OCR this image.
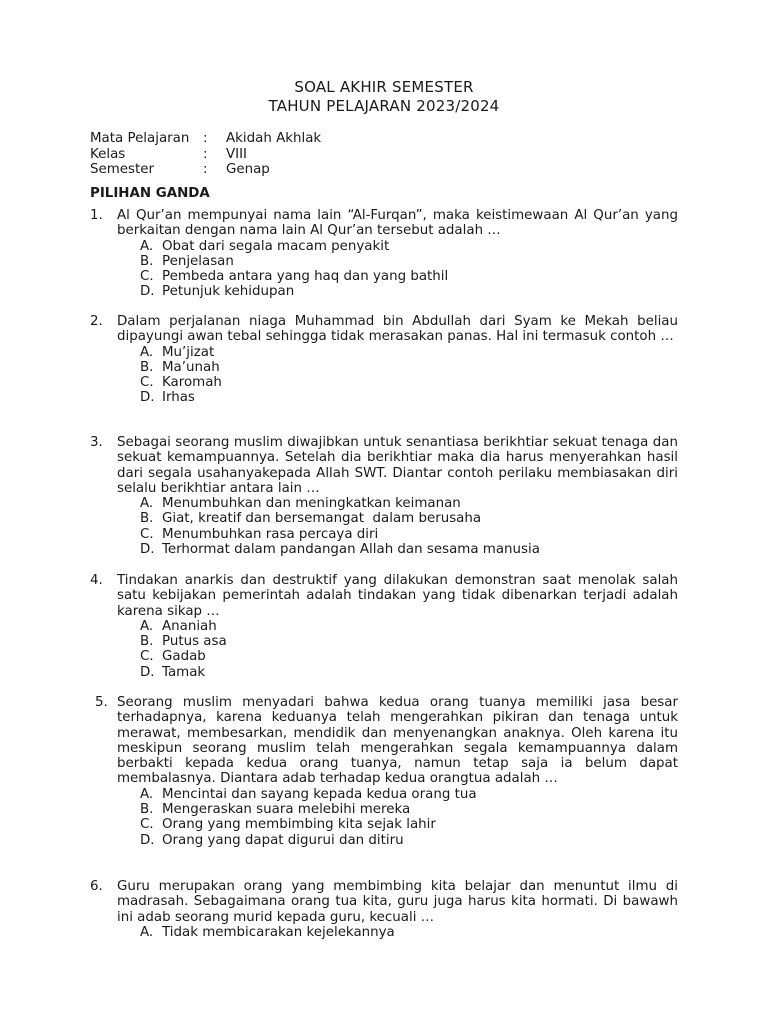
SOAL AKHIR SEMESTER
TAHUN PELAJARAN 2023/2024
Mata Pelajaran	:	Akidah Akhlak
Kelas	:	VIII
Semester	:	Genap
PILIHAN GANDA
1.	Al Qur’an mempunyai nama lain “Al-Furqan”, maka keistimewaan Al Qur’an yang berkaitan dengan nama lain Al Qur’an tersebut adalah …
A. Obat dari segala macam penyakit
B. Penjelasan
C. Pembeda antara yang haq dan yang bathil
D. Petunjuk kehidupan
2.	Dalam perjalanan niaga Muhammad bin Abdullah dari Syam ke Mekah beliau dipayungi awan tebal sehingga tidak merasakan panas. Hal ini termasuk contoh …
A. Mu’jizat
B. Ma’unah
C. Karomah
D. Irhas
3.	Sebagai seorang muslim diwajibkan untuk senantiasa berikhtiar sekuat tenaga dan sekuat kemampuannya. Setelah dia berikhtiar maka dia harus menyerahkan hasil dari segala usahanyakepada Allah SWT. Diantar contoh perilaku membiasakan diri selalu berikhtiar antara lain …
A. Menumbuhkan dan meningkatkan keimanan
B. Giat, kreatif dan bersemangat  dalam berusaha
C. Menumbuhkan rasa percaya diri
D. Terhormat dalam pandangan Allah dan sesama manusia
4.	Tindakan anarkis dan destruktif yang dilakukan demonstran saat menolak salah satu kebijakan pemerintah adalah tindakan yang tidak dibenarkan terjadi adalah karena sikap …
A. Ananiah
B. Putus asa
C. Gadab
D. Tamak
5. Seorang muslim menyadari bahwa kedua orang tuanya memiliki jasa besar terhadapnya, karena keduanya telah mengerahkan pikiran dan tenaga untuk merawat, membesarkan, mendidik dan menyenangkan anaknya. Oleh karena itu meskipun seorang muslim telah mengerahkan segala kemampuannya dalam berbakti kepada kedua orang tuanya, namun tetap saja ia belum dapat membalasnya. Diantara adab terhadap kedua orangtua adalah …
A. Mencintai dan sayang kepada kedua orang tua
B. Mengeraskan suara melebihi mereka
C. Orang yang membimbing kita sejak lahir
D. Orang yang dapat digurui dan ditiru
6.	Guru merupakan orang yang membimbing kita belajar dan menuntut ilmu di madrasah. Sebagaimana orang tua kita, guru juga harus kita hormati. Di bawawh ini adab seorang murid kepada guru, kecuali …
A. Tidak membicarakan kejelekannya
